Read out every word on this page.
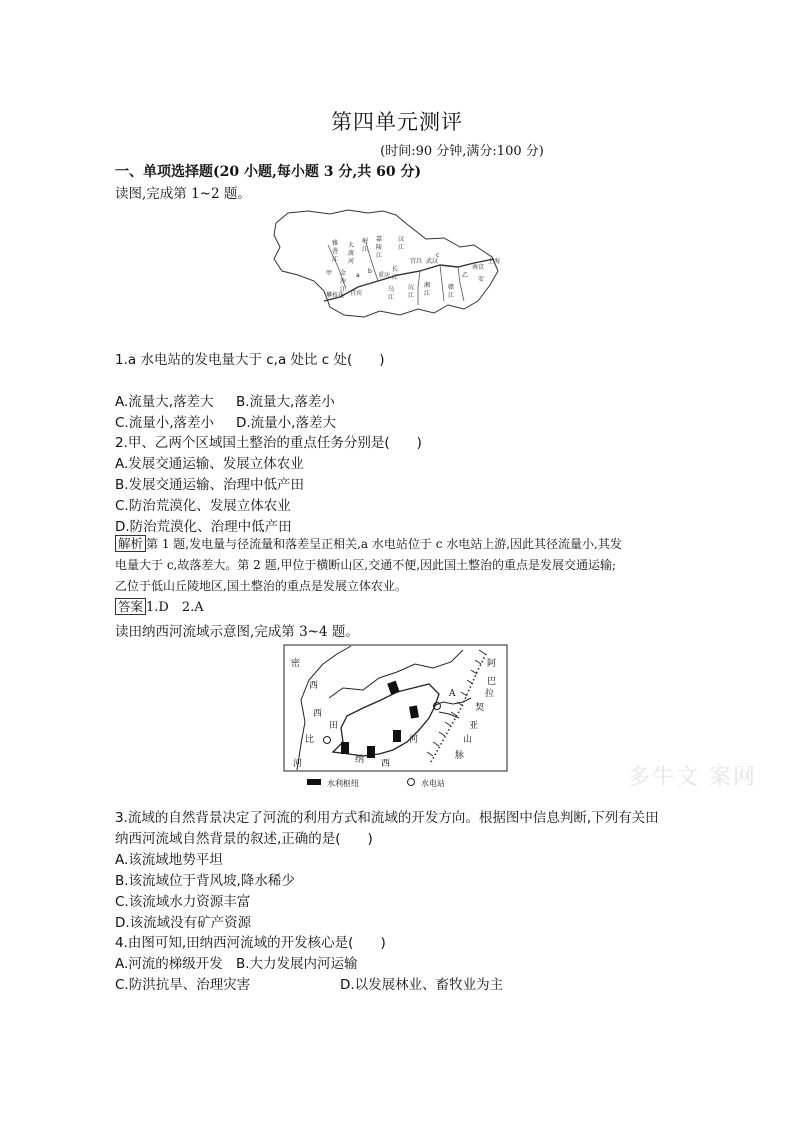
第四单元测评
(时间:90 分钟,满分:100 分)
一、单项选择题(20 小题,每小题 3 分,共 60 分)
读图,完成第 1~2 题。
雅
砻
江
大
渡
河
岷
江
嘉
陵
江
汉
江
宜昌 武汉
南京
上海
重庆
宜宾
长
江
乌
江
沅
江
湘
江
赣
江
甲	乙
安
攀枝花
金
沙
江
a
b
c
1.a 水电站的发电量大于 c,a 处比 c 处(　　)
A.流量大,落差大 B.流量大,落差小
C.流量小,落差小 D.流量小,落差大
2.甲、乙两个区域国土整治的重点任务分别是(　　)
A.发展交通运输、发展立体农业
B.发展交通运输、治理中低产田
C.防治荒漠化、发展立体农业
D.防治荒漠化、治理中低产田
解析 第 1 题,发电量与径流量和落差呈正相关,a 水电站位于 c 水电站上游,因此其径流量小,其发
电量大于 c,故落差大。第 2 题,甲位于横断山区,交通不便,因此国土整治的重点是发展交通运输;
乙位于低山丘陵地区,国土整治的重点是发展立体农业。
答案 1.D　2.A
读田纳西河流域示意图,完成第 3~4 题。
密
西
西
比
河
田
纳 西
河
阿
巴
拉
契
亚
山
脉
A
水利枢纽	水电站	多牛文 案网
3.流域的自然背景决定了河流的利用方式和流域的开发方向。根据图中信息判断,下列有关田
纳西河流域自然背景的叙述,正确的是(　　)
A.该流域地势平坦
B.该流域位于背风坡,降水稀少
C.该流域水力资源丰富
D.该流域没有矿产资源
4.由图可知,田纳西河流域的开发核心是(　　)
A.河流的梯级开发 B.大力发展内河运输
C.防洪抗旱、治理灾害	D.以发展林业、畜牧业为主
